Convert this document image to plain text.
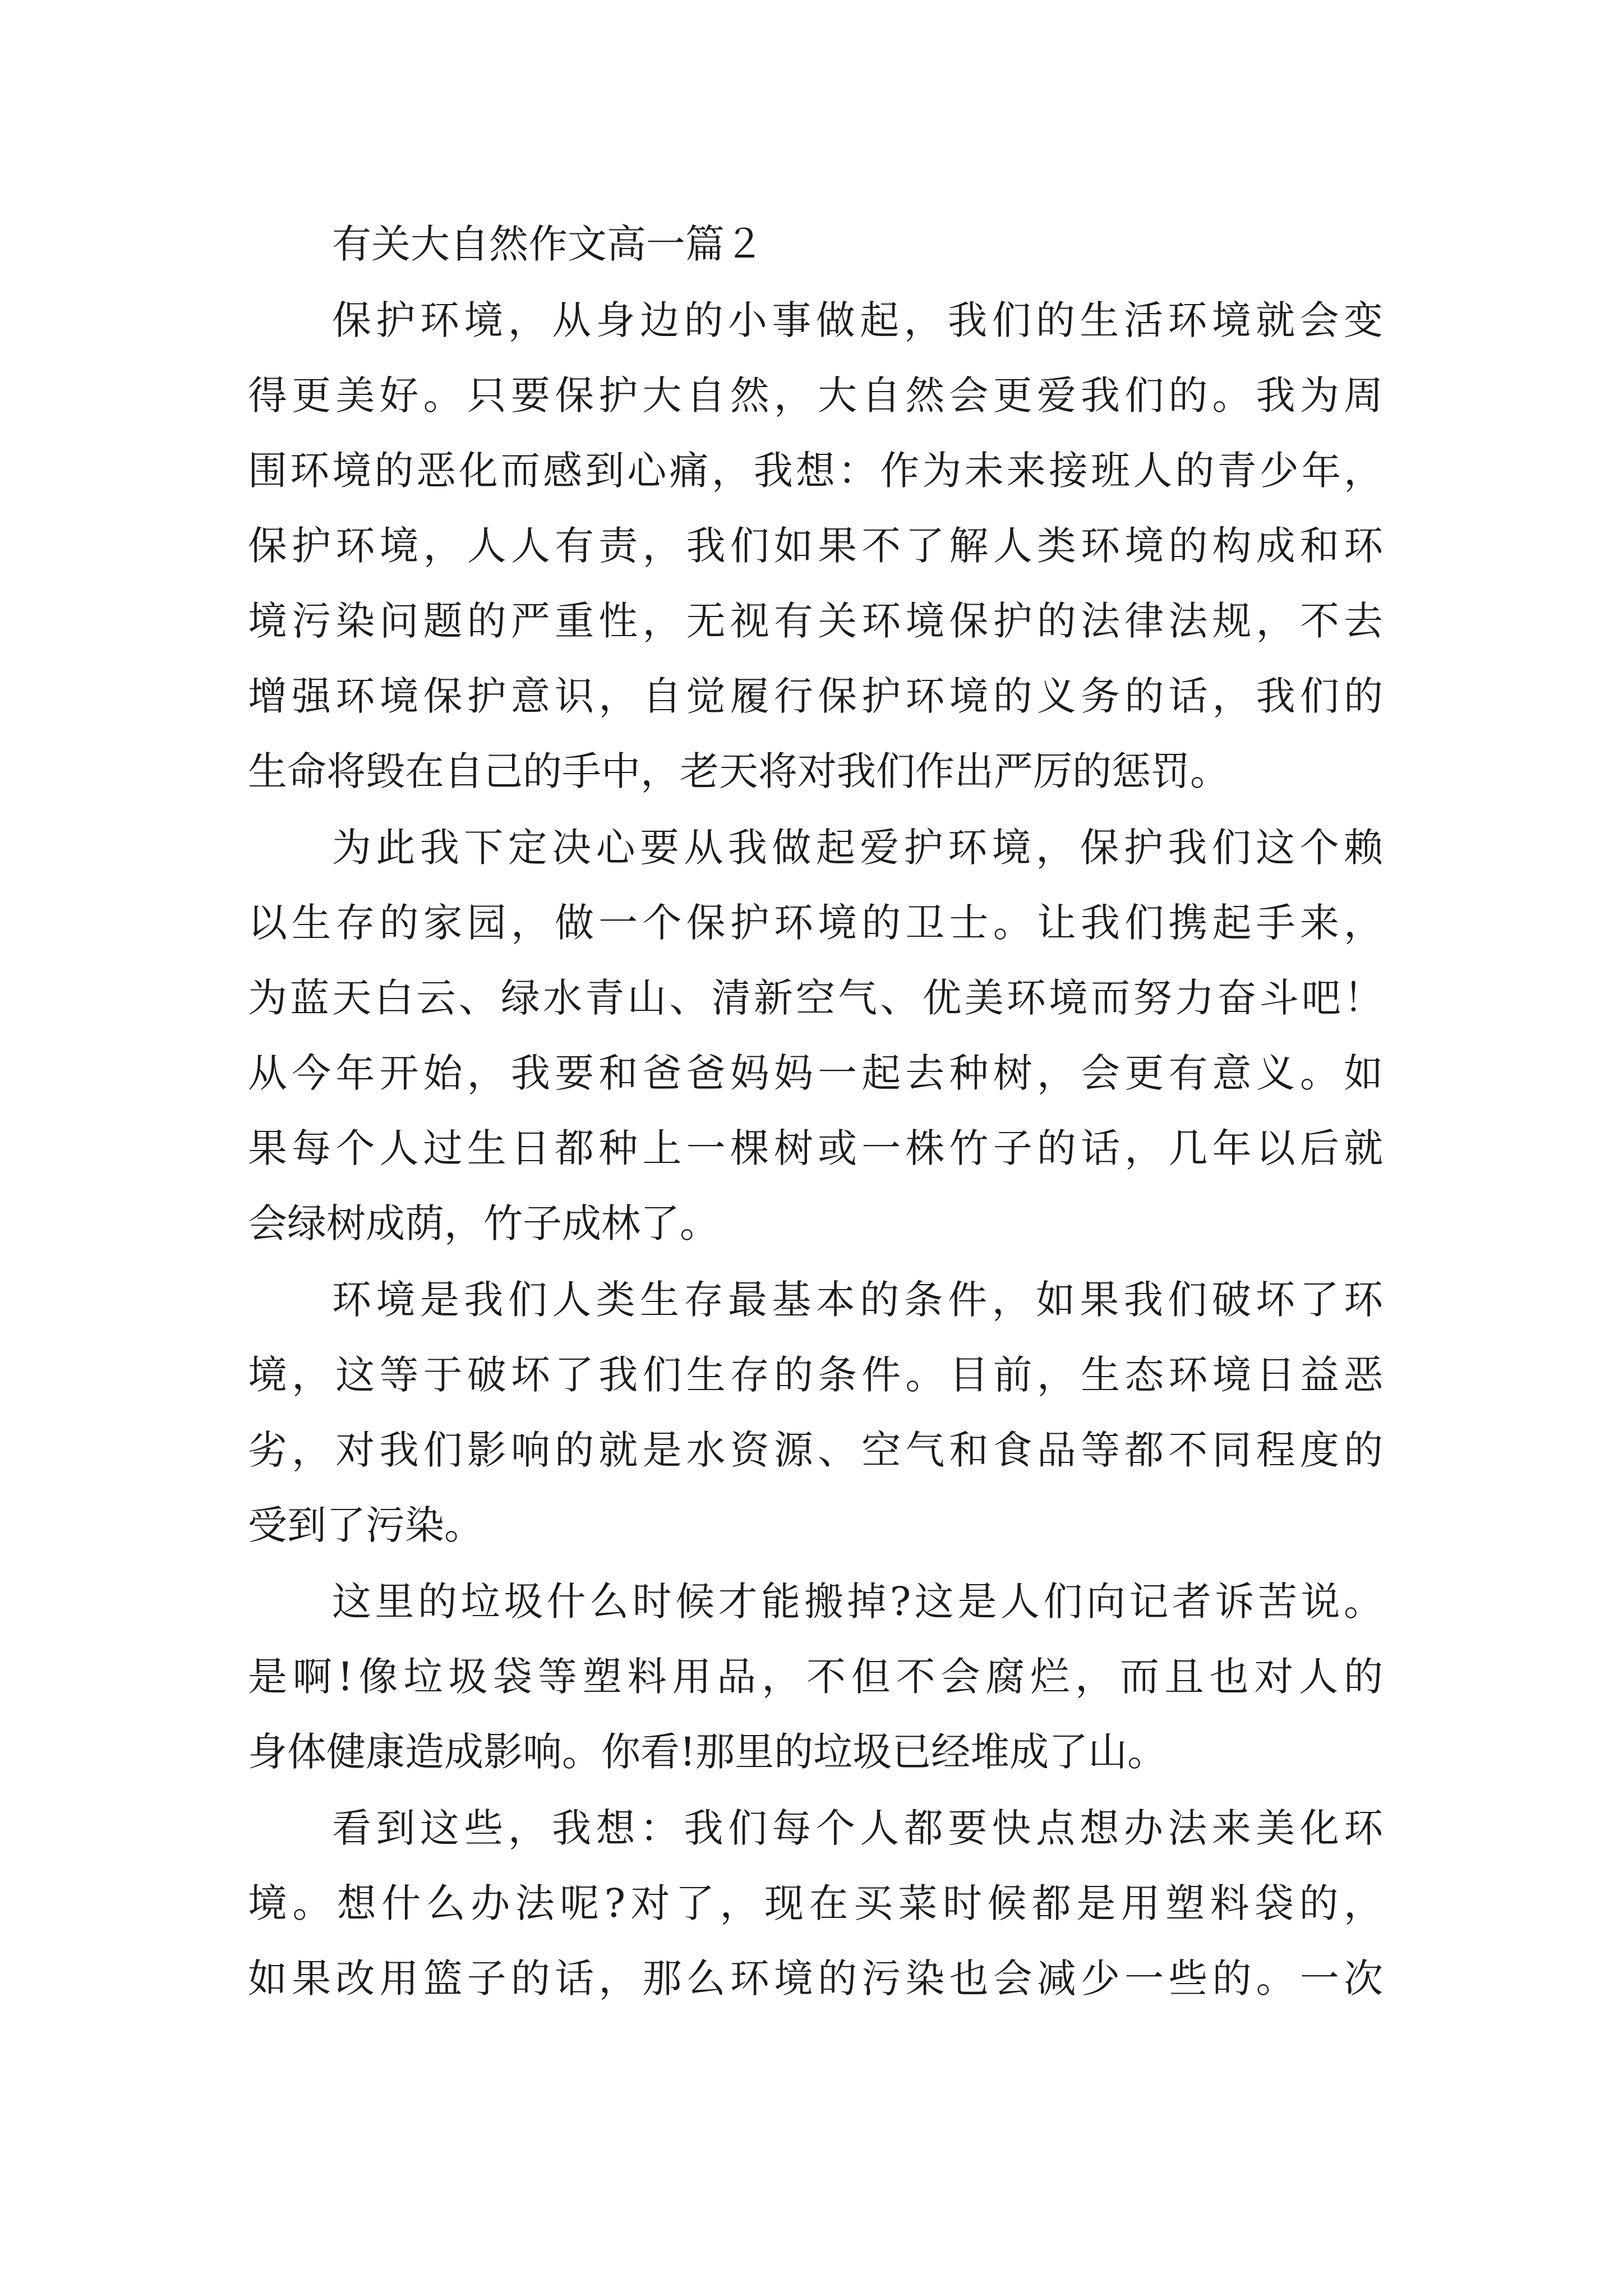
有关大自然作文高一篇２

保护环境，从身边的小事做起，我们的生活环境就会变

得更美好。只要保护大自然，大自然会更爱我们的。我为周

围环境的恶化而感到心痛，我想：作为未来接班人的青少年，

保护环境，人人有责，我们如果不了解人类环境的构成和环

境污染问题的严重性，无视有关环境保护的法律法规，不去

增强环境保护意识，自觉履行保护环境的义务的话，我们的

生命将毁在自己的手中，老天将对我们作出严厉的惩罚。

为此我下定决心要从我做起爱护环境，保护我们这个赖

以生存的家园，做一个保护环境的卫士。让我们携起手来，

为蓝天白云、绿水青山、清新空气、优美环境而努力奋斗吧！

从今年开始，我要和爸爸妈妈一起去种树，会更有意义。如

果每个人过生日都种上一棵树或一株竹子的话，几年以后就

会绿树成荫，竹子成林了。

环境是我们人类生存最基本的条件，如果我们破坏了环

境，这等于破坏了我们生存的条件。目前，生态环境日益恶

劣，对我们影响的就是水资源、空气和食品等都不同程度的

受到了污染。

这里的垃圾什么时候才能搬掉?这是人们向记者诉苦说。

是啊!像垃圾袋等塑料用品，不但不会腐烂，而且也对人的

身体健康造成影响。你看!那里的垃圾已经堆成了山。

看到这些，我想：我们每个人都要快点想办法来美化环

境。想什么办法呢?对了，现在买菜时候都是用塑料袋的，

如果改用篮子的话，那么环境的污染也会减少一些的。一次
